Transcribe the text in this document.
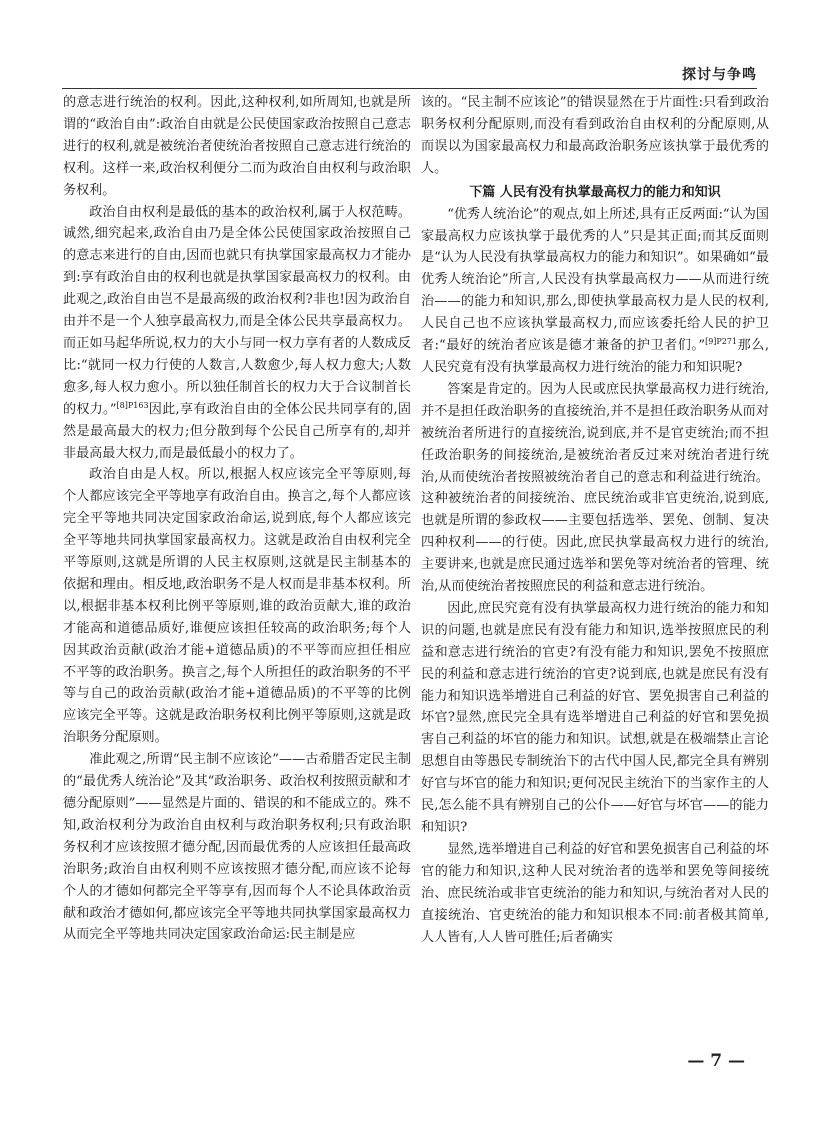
探讨与争鸣

的意志进行统治的权利。因此,这种权利,如所周知,也就是所谓的“政治自由”:政治自由就是公民使国家政治按照自己意志进行的权利,就是被统治者使统治者按照自己意志进行统治的权利。这样一来,政治权利便分二而为政治自由权利与政治职务权利。

政治自由权利是最低的基本的政治权利,属于人权范畴。诚然,细究起来,政治自由乃是全体公民使国家政治按照自己的意志来进行的自由,因而也就只有执掌国家最高权力才能办到:享有政治自由的权利也就是执掌国家最高权力的权利。由此观之,政治自由岂不是最高级的政治权利?非也!因为政治自由并不是一个人独享最高权力,而是全体公民共享最高权力。而正如马起华所说,权力的大小与同一权力享有者的人数成反比:“就同一权力行使的人数言,人数愈少,每人权力愈大;人数愈多,每人权力愈小。所以独任制首长的权力大于合议制首长的权力。”$^{[8]P163}$因此,享有政治自由的全体公民共同享有的,固然是最高最大的权力;但分散到每个公民自己所享有的,却并非最高最大权力,而是最低最小的权力了。

政治自由是人权。所以,根据人权应该完全平等原则,每个人都应该完全平等地享有政治自由。换言之,每个人都应该完全平等地共同决定国家政治命运,说到底,每个人都应该完全平等地共同执掌国家最高权力。这就是政治自由权利完全平等原则,这就是所谓的人民主权原则,这就是民主制基本的依据和理由。相反地,政治职务不是人权而是非基本权利。所以,根据非基本权利比例平等原则,谁的政治贡献大,谁的政治才能高和道德品质好,谁便应该担任较高的政治职务;每个人因其政治贡献(政治才能+道德品质)的不平等而应担任相应不平等的政治职务。换言之,每个人所担任的政治职务的不平等与自己的政治贡献(政治才能+道德品质)的不平等的比例应该完全平等。这就是政治职务权利比例平等原则,这就是政治职务分配原则。

准此观之,所谓“民主制不应该论”——古希腊否定民主制的“最优秀人统治论”及其“政治职务、政治权利按照贡献和才德分配原则”——显然是片面的、错误的和不能成立的。殊不知,政治权利分为政治自由权利与政治职务权利;只有政治职务权利才应该按照才德分配,因而最优秀的人应该担任最高政治职务;政治自由权利则不应该按照才德分配,而应该不论每个人的才德如何都完全平等享有,因而每个人不论具体政治贡献和政治才德如何,都应该完全平等地共同执掌国家最高权力从而完全平等地共同决定国家政治命运:民主制是应

该的。“民主制不应该论”的错误显然在于片面性:只看到政治职务权利分配原则,而没有看到政治自由权利的分配原则,从而误以为国家最高权力和最高政治职务应该执掌于最优秀的人。

下篇 人民有没有执掌最高权力的能力和知识

“优秀人统治论”的观点,如上所述,具有正反两面:“认为国家最高权力应该执掌于最优秀的人”只是其正面;而其反面则是“认为人民没有执掌最高权力的能力和知识”。如果确如“最优秀人统治论”所言,人民没有执掌最高权力——从而进行统治——的能力和知识,那么,即使执掌最高权力是人民的权利,人民自己也不应该执掌最高权力,而应该委托给人民的护卫者:“最好的统治者应该是德才兼备的护卫者们。”$^{[9]P271}$那么,人民究竟有没有执掌最高权力进行统治的能力和知识呢?

答案是肯定的。因为人民或庶民执掌最高权力进行统治,并不是担任政治职务的直接统治,并不是担任政治职务从而对被统治者所进行的直接统治,说到底,并不是官吏统治;而不担任政治职务的间接统治,是被统治者反过来对统治者进行统治,从而使统治者按照被统治者自己的意志和利益进行统治。这种被统治者的间接统治、庶民统治或非官吏统治,说到底,也就是所谓的参政权——主要包括选举、罢免、创制、复决四种权利——的行使。因此,庶民执掌最高权力进行的统治,主要讲来,也就是庶民通过选举和罢免等对统治者的管理、统治,从而使统治者按照庶民的利益和意志进行统治。

因此,庶民究竟有没有执掌最高权力进行统治的能力和知识的问题,也就是庶民有没有能力和知识,选举按照庶民的利益和意志进行统治的官吏?有没有能力和知识,罢免不按照庶民的利益和意志进行统治的官吏?说到底,也就是庶民有没有能力和知识选举增进自己利益的好官、罢免损害自己利益的坏官?显然,庶民完全具有选举增进自己利益的好官和罢免损害自己利益的坏官的能力和知识。试想,就是在极端禁止言论思想自由等愚民专制统治下的古代中国人民,都完全具有辨别好官与坏官的能力和知识;更何况民主统治下的当家作主的人民,怎么能不具有辨别自己的公仆——好官与坏官——的能力和知识?

显然,选举增进自己利益的好官和罢免损害自己利益的坏官的能力和知识,这种人民对统治者的选举和罢免等间接统治、庶民统治或非官吏统治的能力和知识,与统治者对人民的直接统治、官吏统治的能力和知识根本不同:前者极其简单,人人皆有,人人皆可胜任;后者确实

— 7 —
